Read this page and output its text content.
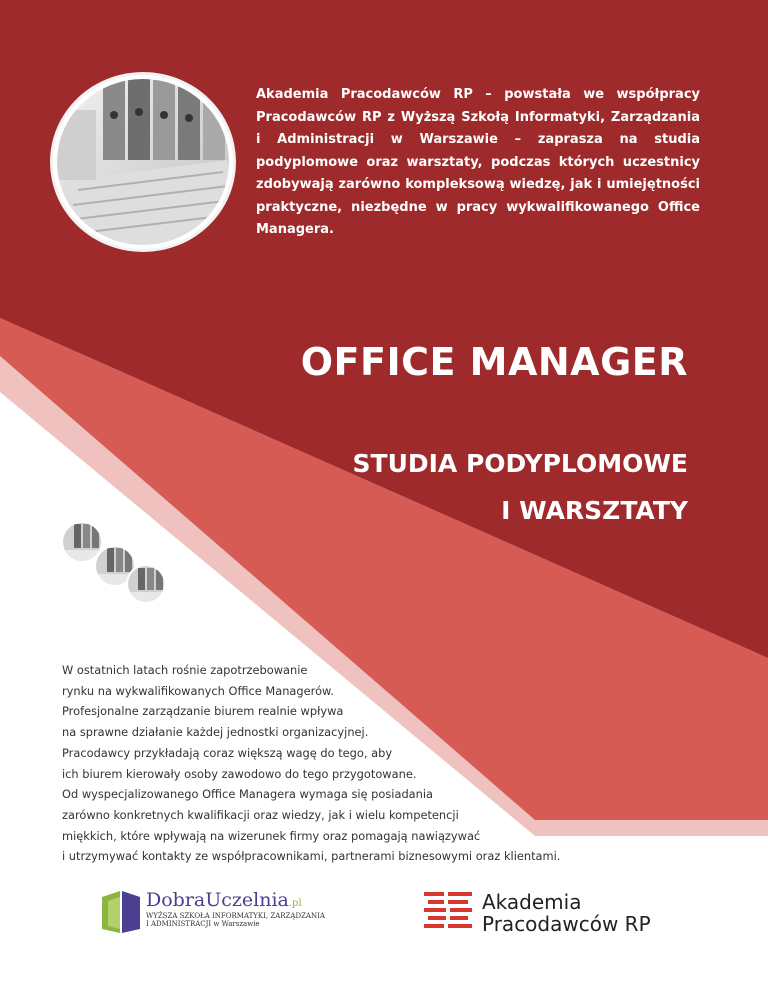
Akademia Pracodawców RP – powstała we współpracy Pracodawców RP z Wyższą Szkołą Informatyki, Zarządzania i Administracji w Warszawie – zaprasza na studia podyplomowe oraz warsztaty, podczas których uczestnicy zdobywają zarówno kompleksową wiedzę, jak i umiejętności praktyczne, niezbędne w pracy wykwalifikowanego Office Managera.

OFFICE MANAGER
STUDIA PODYPLOMOWE
I WARSZTATY

W ostatnich latach rośnie zapotrzebowanie
rynku na wykwalifikowanych Office Managerów.
Profesjonalne zarządzanie biurem realnie wpływa
na sprawne działanie każdej jednostki organizacyjnej.
Pracodawcy przykładają coraz większą wagę do tego, aby
ich biurem kierowały osoby zawodowo do tego przygotowane.
Od wyspecjalizowanego Office Managera wymaga się posiadania
zarówno konkretnych kwalifikacji oraz wiedzy, jak i wielu kompetencji
miękkich, które wpływają na wizerunek firmy oraz pomagają nawiązywać
i utrzymywać kontakty ze współpracownikami, partnerami biznesowymi oraz klientami.

DobraUczelnia.pl
WYŻSZA SZKOŁA INFORMATYKI, ZARZĄDZANIA
I ADMINISTRACJI w Warszawie
Akademia
Pracodawców RP
